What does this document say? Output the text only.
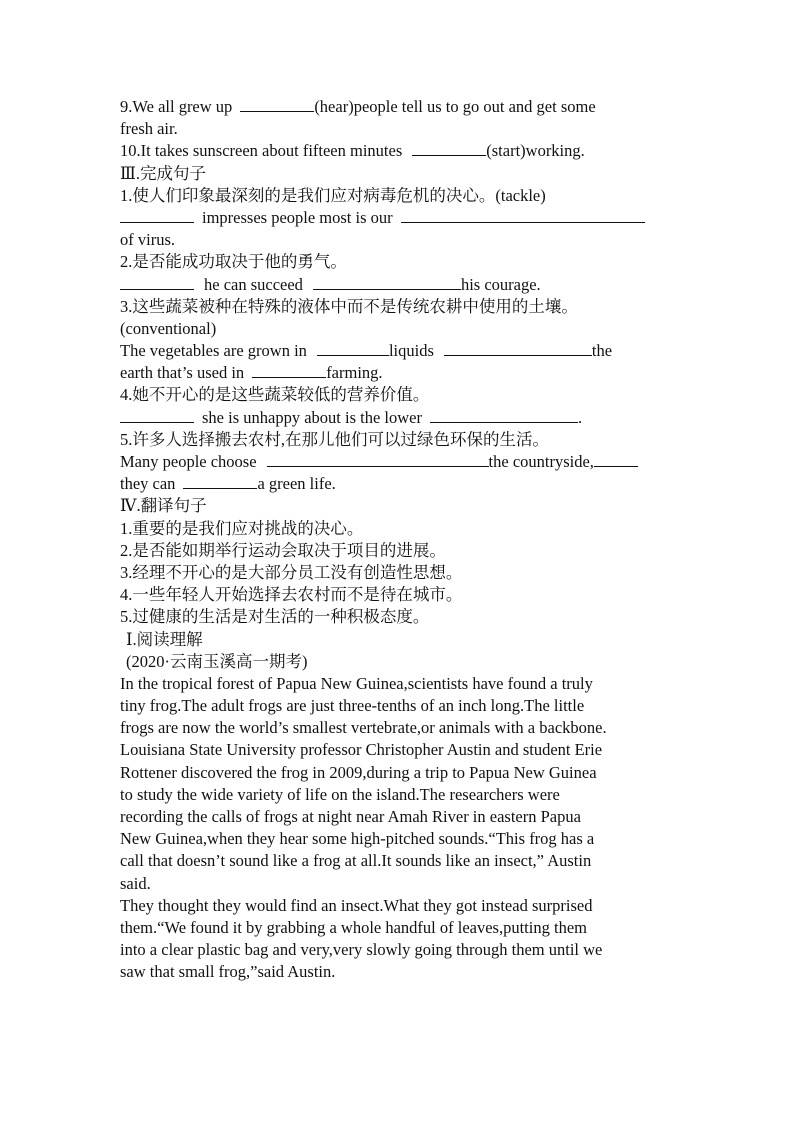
9.We all grew up	(hear)people tell us to go out and get some
fresh air.
10.It takes sunscreen about fifteen minutes	(start)working.
Ⅲ.完成句子
1.使人们印象最深刻的是我们应对病毒危机的决心。(tackle)
impresses people most is our
of virus.
2.是否能成功取决于他的勇气。
he can succeed	his courage.
3.这些蔬菜被种在特殊的液体中而不是传统农耕中使用的土壤。
(conventional)
The vegetables are grown in	liquids	the
earth that’s used in	farming.
4.她不开心的是这些蔬菜较低的营养价值。
she is unhappy about is the lower	.
5.许多人选择搬去农村,在那儿他们可以过绿色环保的生活。
Many people choose	the countryside,
they can	a green life.
Ⅳ.翻译句子
1.重要的是我们应对挑战的决心。
2.是否能如期举行运动会取决于项目的进展。
3.经理不开心的是大部分员工没有创造性思想。
4.一些年轻人开始选择去农村而不是待在城市。
5.过健康的生活是对生活的一种积极态度。
Ⅰ.阅读理解
(2020·云南玉溪高一期考)
In the tropical forest of Papua New Guinea,scientists have found a truly
tiny frog.The adult frogs are just three-tenths of an inch long.The little
frogs are now the world’s smallest vertebrate,or animals with a backbone.
Louisiana State University professor Christopher Austin and student Erie
Rottener discovered the frog in 2009,during a trip to Papua New Guinea
to study the wide variety of life on the island.The researchers were
recording the calls of frogs at night near Amah River in eastern Papua
New Guinea,when they hear some high-pitched sounds.“This frog has a
call that doesn’t sound like a frog at all.It sounds like an insect,” Austin
said.
They thought they would find an insect.What they got instead surprised
them.“We found it by grabbing a whole handful of leaves,putting them
into a clear plastic bag and very,very slowly going through them until we
saw that small frog,”said Austin.
